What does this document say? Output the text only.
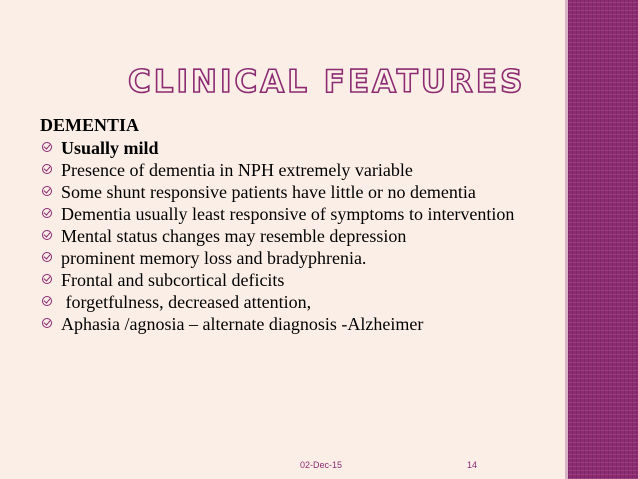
CLINICAL FEATURES
DEMENTIA
Usually mild
Presence of dementia in NPH extremely variable
Some shunt responsive patients have little or no dementia
Dementia usually least responsive of symptoms to intervention
Mental status changes may resemble depression
prominent memory loss and bradyphrenia.
Frontal and subcortical deficits
forgetfulness, decreased attention,
Aphasia /agnosia – alternate diagnosis -Alzheimer
02-Dec-15	14
